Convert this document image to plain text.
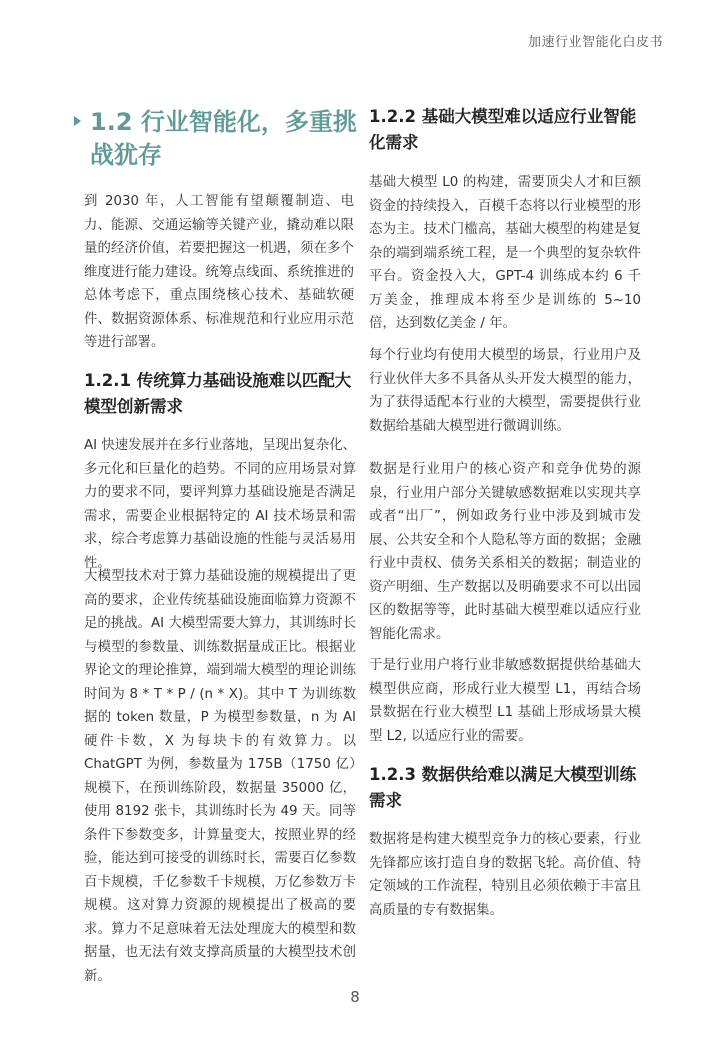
加速行业智能化白皮书
1.2 行业智能化，多重挑战犹存

到 2030 年，人工智能有望颠覆制造、电力、能源、交通运输等关键产业，撬动难以限量的经济价值，若要把握这一机遇，须在多个维度进行能力建设。统筹点线面、系统推进的总体考虑下，重点围绕核心技术、基础软硬件、数据资源体系、标准规范和行业应用示范等进行部署。

1.2.1 传统算力基础设施难以匹配大模型创新需求

AI 快速发展并在多行业落地，呈现出复杂化、多元化和巨量化的趋势。不同的应用场景对算力的要求不同，要评判算力基础设施是否满足需求，需要企业根据特定的 AI 技术场景和需求，综合考虑算力基础设施的性能与灵活易用性。

大模型技术对于算力基础设施的规模提出了更高的要求，企业传统基础设施面临算力资源不足的挑战。AI 大模型需要大算力，其训练时长与模型的参数量、训练数据量成正比。根据业界论文的理论推算，端到端大模型的理论训练时间为 8 * T * P / (n * X)。其中 T 为训练数据的 token 数量，P 为模型参数量，n 为 AI 硬件卡数，X 为每块卡的有效算力。以 ChatGPT 为例，参数量为 175B（1750 亿）规模下，在预训练阶段，数据量 35000 亿，使用 8192 张卡，其训练时长为 49 天。同等条件下参数变多，计算量变大，按照业界的经验，能达到可接受的训练时长，需要百亿参数百卡规模，千亿参数千卡规模，万亿参数万卡规模。这对算力资源的规模提出了极高的要求。算力不足意味着无法处理庞大的模型和数据量，也无法有效支撑高质量的大模型技术创新。

1.2.2 基础大模型难以适应行业智能化需求

基础大模型 L0 的构建，需要顶尖人才和巨额资金的持续投入，百模千态将以行业模型的形态为主。技术门槛高，基础大模型的构建是复杂的端到端系统工程，是一个典型的复杂软件平台。资金投入大，GPT-4 训练成本约 6 千万美金，推理成本将至少是训练的 5~10 倍，达到数亿美金 / 年。

每个行业均有使用大模型的场景，行业用户及行业伙伴大多不具备从头开发大模型的能力，为了获得适配本行业的大模型，需要提供行业数据给基础大模型进行微调训练。

数据是行业用户的核心资产和竞争优势的源泉，行业用户部分关键敏感数据难以实现共享或者“出厂”，例如政务行业中涉及到城市发展、公共安全和个人隐私等方面的数据；金融行业中责权、债务关系相关的数据；制造业的资产明细、生产数据以及明确要求不可以出园区的数据等等，此时基础大模型难以适应行业智能化需求。

于是行业用户将行业非敏感数据提供给基础大模型供应商，形成行业大模型 L1，再结合场景数据在行业大模型 L1 基础上形成场景大模型 L2, 以适应行业的需要。

1.2.3 数据供给难以满足大模型训练需求

数据将是构建大模型竞争力的核心要素，行业先锋都应该打造自身的数据飞轮。高价值、特定领域的工作流程，特别且必须依赖于丰富且高质量的专有数据集。

8
